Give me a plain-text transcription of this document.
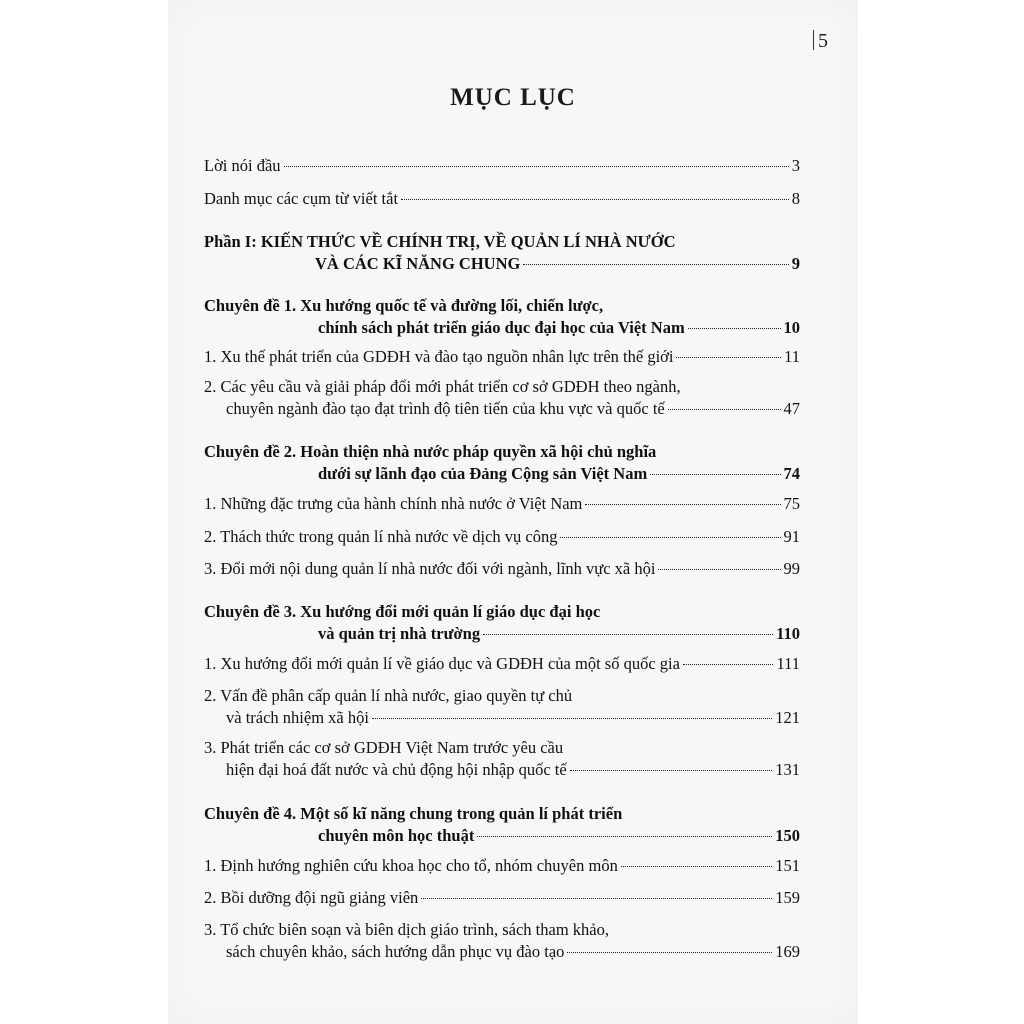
5
MỤC LỤC
Lời nói đầu	3
Danh mục các cụm từ viết tắt	8
Phần I: KIẾN THỨC VỀ CHÍNH TRỊ, VỀ QUẢN LÍ NHÀ NƯỚC
VÀ CÁC KĨ NĂNG CHUNG	9
Chuyên đề 1. Xu hướng quốc tế và đường lối, chiến lược,
chính sách phát triển giáo dục đại học của Việt Nam	10
1. Xu thế phát triển của GDĐH và đào tạo nguồn nhân lực trên thế giới	11
2. Các yêu cầu và giải pháp đổi mới phát triển cơ sở GDĐH theo ngành,
chuyên ngành đào tạo đạt trình độ tiên tiến của khu vực và quốc tế	47
Chuyên đề 2. Hoàn thiện nhà nước pháp quyền xã hội chủ nghĩa
dưới sự lãnh đạo của Đảng Cộng sản Việt Nam	74
1. Những đặc trưng của hành chính nhà nước ở Việt Nam	75
2. Thách thức trong quản lí nhà nước về dịch vụ công	91
3. Đổi mới nội dung quản lí nhà nước đối với ngành, lĩnh vực xã hội	99
Chuyên đề 3. Xu hướng đổi mới quản lí giáo dục đại học
và quản trị nhà trường	110
1. Xu hướng đổi mới quản lí về giáo dục và GDĐH của một số quốc gia	111
2. Vấn đề phân cấp quản lí nhà nước, giao quyền tự chủ
và trách nhiệm xã hội	121
3. Phát triển các cơ sở GDĐH Việt Nam trước yêu cầu
hiện đại hoá đất nước và chủ động hội nhập quốc tế	131
Chuyên đề 4. Một số kĩ năng chung trong quản lí phát triển
chuyên môn học thuật	150
1. Định hướng nghiên cứu khoa học cho tổ, nhóm chuyên môn	151
2. Bồi dưỡng đội ngũ giảng viên	159
3. Tổ chức biên soạn và biên dịch giáo trình, sách tham khảo,
sách chuyên khảo, sách hướng dẫn phục vụ đào tạo	169
